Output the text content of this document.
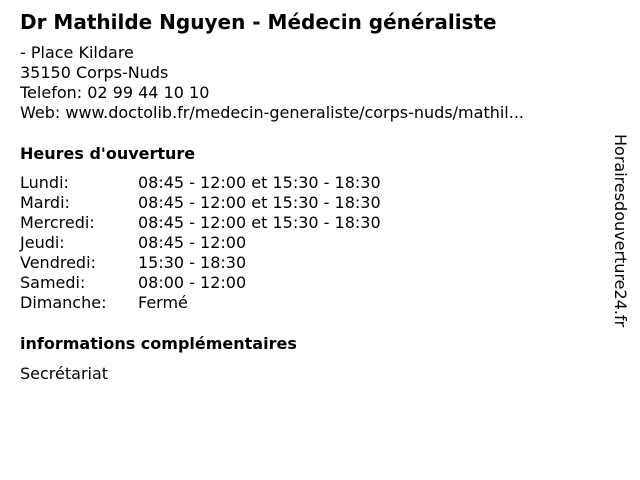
Dr Mathilde Nguyen - Médecin généraliste
- Place Kildare
35150 Corps-Nuds
Telefon: 02 99 44 10 10
Web: www.doctolib.fr/medecin-generaliste/corps-nuds/mathil...
Heures d'ouverture
Lundi:	08:45 - 12:00 et 15:30 - 18:30
Mardi:	08:45 - 12:00 et 15:30 - 18:30
Mercredi:	08:45 - 12:00 et 15:30 - 18:30
Jeudi:	08:45 - 12:00
Vendredi:	15:30 - 18:30
Samedi:	08:00 - 12:00
Dimanche:	Fermé
informations complémentaires
Secrétariat
Horairesdouverture24.fr
